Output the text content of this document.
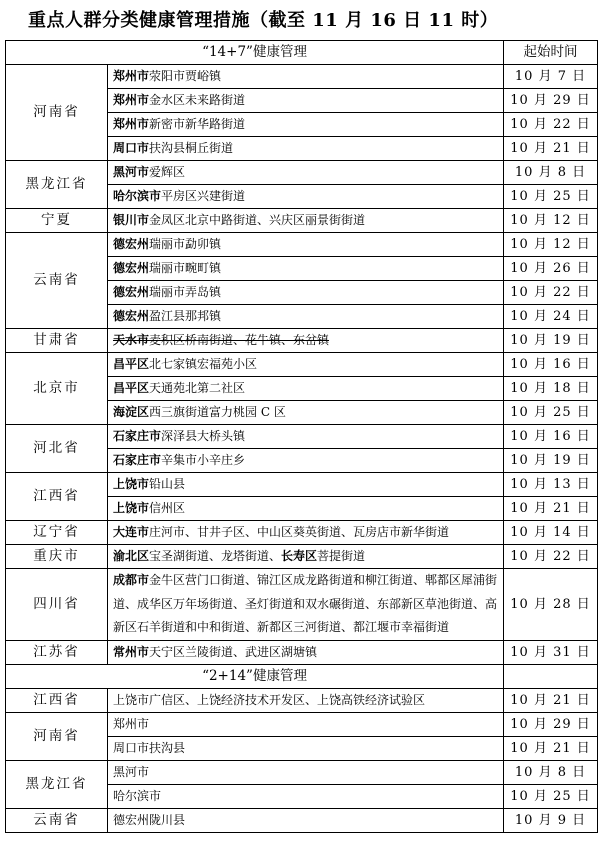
重点人群分类健康管理措施（截至 11 月 16 日 11 时）
“14+7”健康管理		起始时间
河南省	郑州市荥阳市贾峪镇	10 月 7 日
	郑州市金水区未来路街道	10 月 29 日
	郑州市新密市新华路街道	10 月 22 日
	周口市扶沟县桐丘街道	10 月 21 日
黑龙江省	黑河市爱辉区	10 月 8 日
	哈尔滨市平房区兴建街道	10 月 25 日
宁夏	银川市金凤区北京中路街道、兴庆区丽景街街道	10 月 12 日
云南省	德宏州瑞丽市勐卯镇	10 月 12 日
	德宏州瑞丽市畹町镇	10 月 26 日
	德宏州瑞丽市弄岛镇	10 月 22 日
	德宏州盈江县那邦镇	10 月 24 日
甘肃省	天水市麦积区桥南街道、花牛镇、东岔镇	10 月 19 日
北京市	昌平区北七家镇宏福苑小区	10 月 16 日
	昌平区天通苑北第二社区	10 月 18 日
	海淀区西三旗街道富力桃园 C 区	10 月 25 日
河北省	石家庄市深泽县大桥头镇	10 月 16 日
	石家庄市辛集市小辛庄乡	10 月 19 日
江西省	上饶市铅山县	10 月 13 日
	上饶市信州区	10 月 21 日
辽宁省	大连市庄河市、甘井子区、中山区葵英街道、瓦房店市新华街道	10 月 14 日
重庆市	渝北区宝圣湖街道、龙塔街道、长寿区菩提街道	10 月 22 日
四川省	成都市金牛区营门口街道、锦江区成龙路街道和柳江街道、郫都区犀浦街道、成华区万年场街道、圣灯街道和双水碾街道、东部新区草池街道、高新区石羊街道和中和街道、新都区三河街道、都江堰市幸福街道	10 月 28 日
江苏省	常州市天宁区兰陵街道、武进区湖塘镇	10 月 31 日
“2+14”健康管理		
江西省	上饶市广信区、上饶经济技术开发区、上饶高铁经济试验区	10 月 21 日
河南省	郑州市	10 月 29 日
	周口市扶沟县	10 月 21 日
黑龙江省	黑河市	10 月 8 日
	哈尔滨市	10 月 25 日
云南省	德宏州陇川县	10 月 9 日
